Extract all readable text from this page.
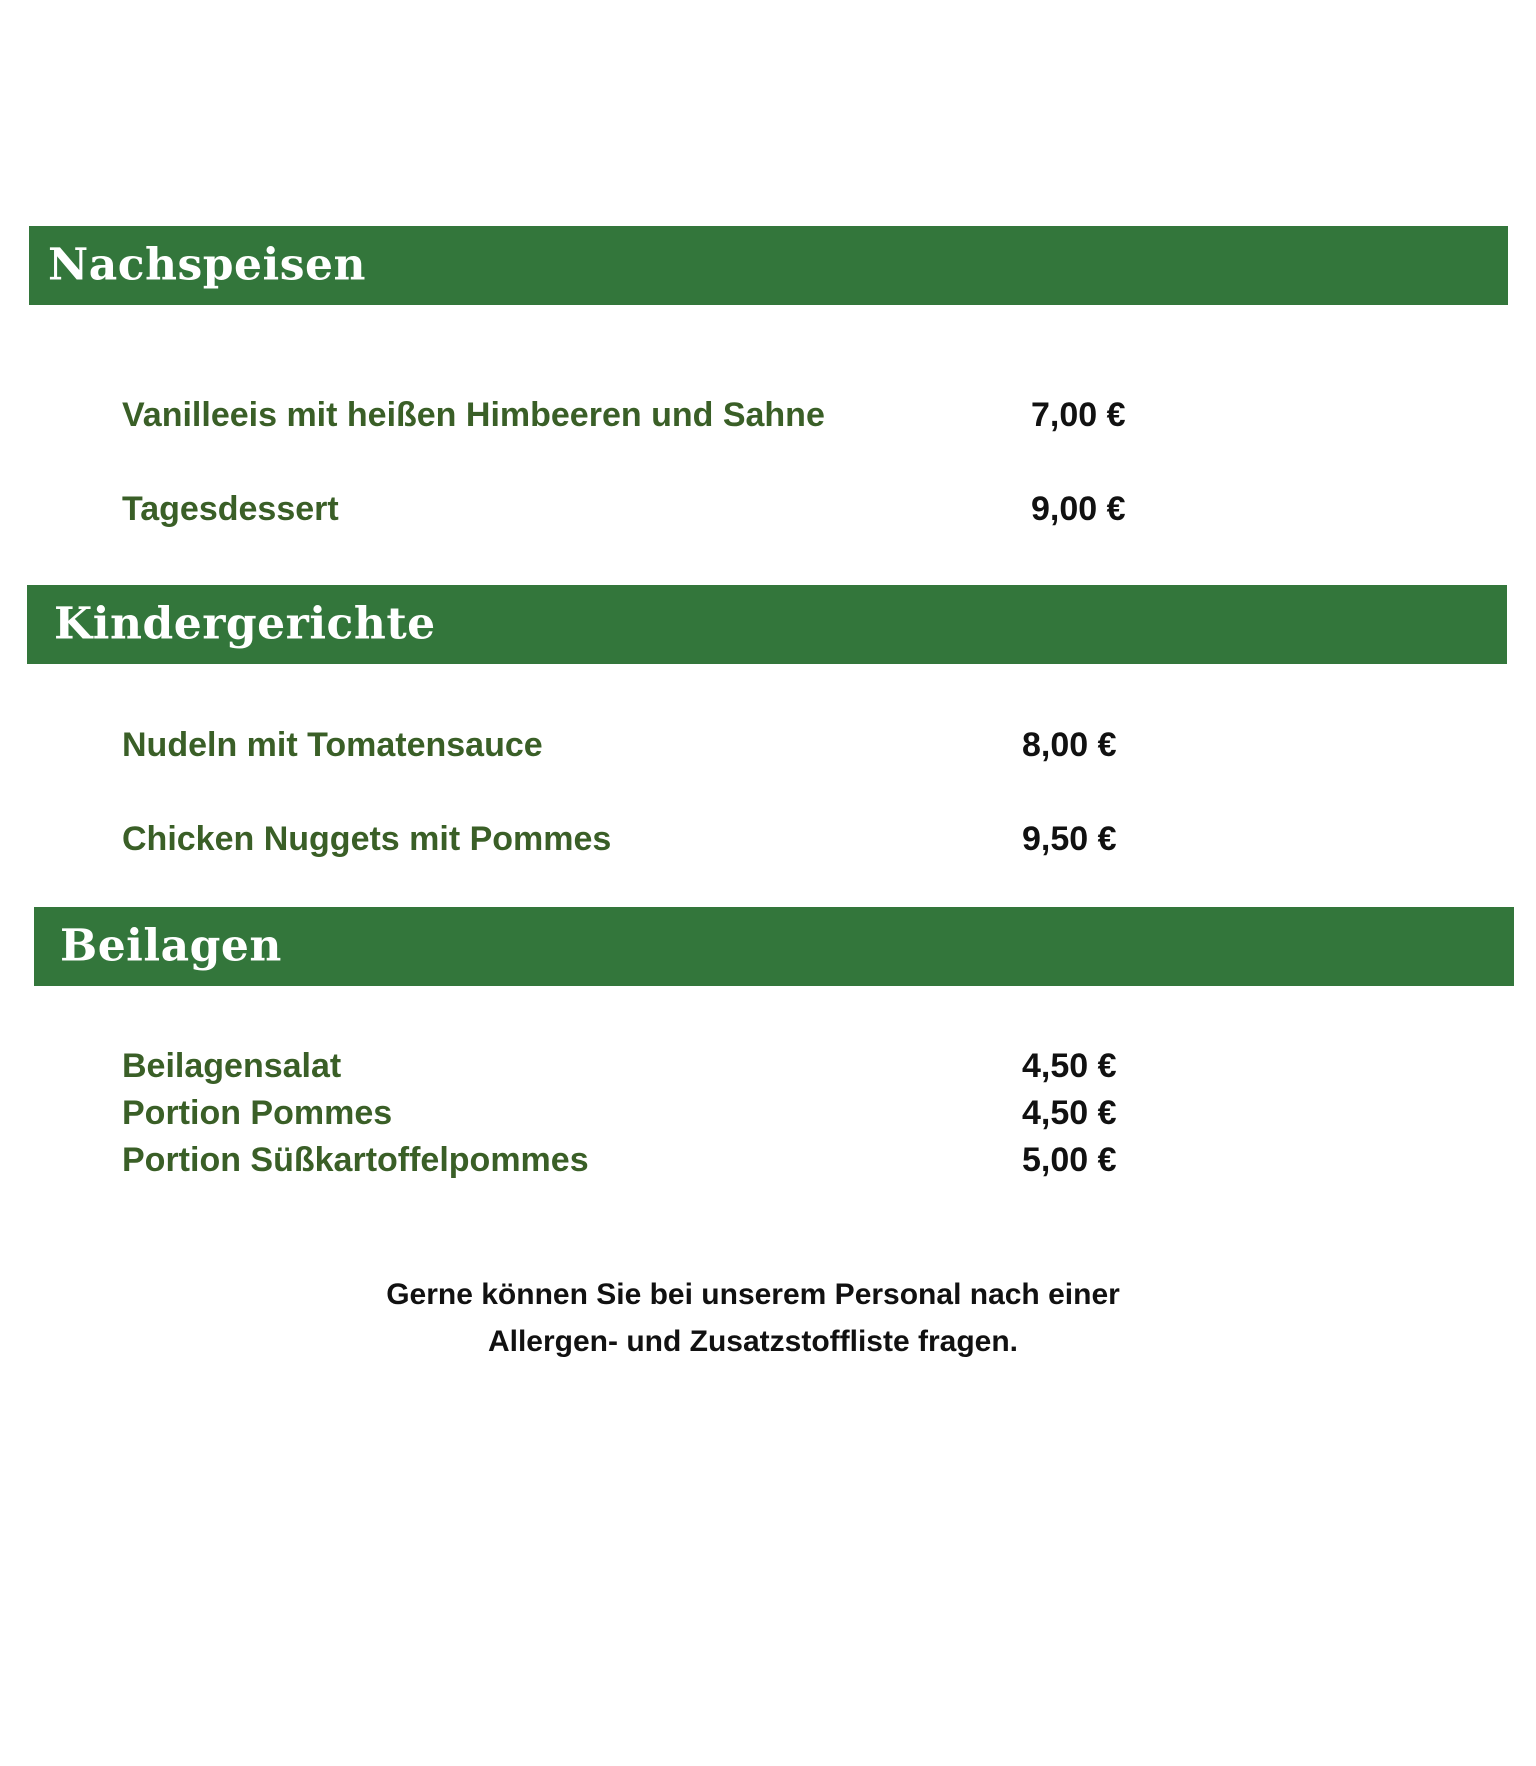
Nachspeisen
Vanilleeis mit heißen Himbeeren und Sahne	7,00 €
Tagesdessert	9,00 €
Kindergerichte
Nudeln mit Tomatensauce	8,00 €
Chicken Nuggets mit Pommes	9,50 €
Beilagen
Beilagensalat	4,50 €
Portion Pommes	4,50 €
Portion Süßkartoffelpommes	5,00 €
Gerne können Sie bei unserem Personal nach einer
Allergen- und Zusatzstoffliste fragen.
